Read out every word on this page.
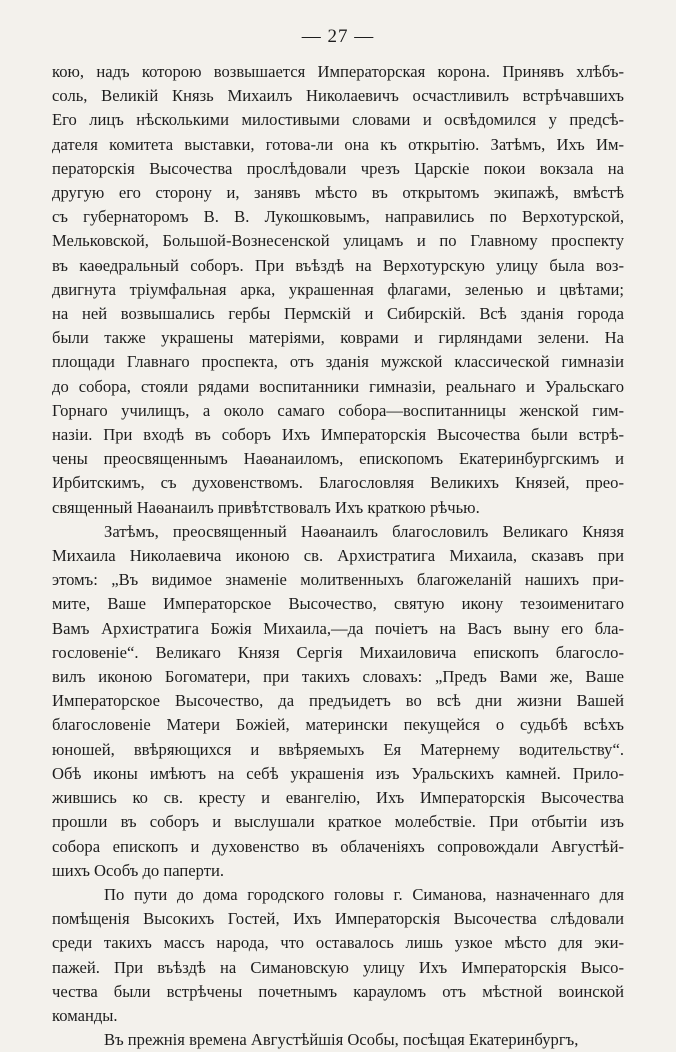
— 27 —

кою, надъ которою возвышается Императорская корона. Принявъ хлѣбъ-
соль, Великій Князь Михаилъ Николаевичъ осчастливилъ встрѣчавшихъ
Его лицъ нѣсколькими милостивыми словами и освѣдомился у предсѣ-
дателя комитета выставки, готова-ли она къ открытію. Затѣмъ, Ихъ Им-
ператорскія Высочества прослѣдовали чрезъ Царскіе покои вокзала на
другую его сторону и, занявъ мѣсто въ открытомъ экипажѣ, вмѣстѣ
съ губернаторомъ В. В. Лукошковымъ, направились по Верхотурской,
Мельковской, Большой-Вознесенской улицамъ и по Главному проспекту
въ каѳедральный соборъ. При въѣздѣ на Верхотурскую улицу была воз-
двигнута тріумфальная арка, украшенная флагами, зеленью и цвѣтами;
на ней возвышались гербы Пермскій и Сибирскій. Всѣ зданія города
были также украшены матеріями, коврами и гирляндами зелени. На
площади Главнаго проспекта, отъ зданія мужской классической гимназіи
до собора, стояли рядами воспитанники гимназіи, реальнаго и Уральскаго
Горнаго училищъ, а около самаго собора—воспитанницы женской гим-
назіи. При входѣ въ соборъ Ихъ Императорскія Высочества были встрѣ-
чены преосвященнымъ Наѳанаиломъ, епископомъ Екатеринбургскимъ и
Ирбитскимъ, съ духовенствомъ. Благословляя Великихъ Князей, прео-
священный Наѳанаилъ привѣтствовалъ Ихъ краткою рѣчью.

Затѣмъ, преосвященный Наѳанаилъ благословилъ Великаго Князя
Михаила Николаевича иконою св. Архистратига Михаила, сказавъ при
этомъ: „Въ видимое знаменіе молитвенныхъ благожеланій нашихъ при-
мите, Ваше Императорское Высочество, святую икону тезоименитаго
Вамъ Архистратига Божія Михаила,—да почіетъ на Васъ выну его бла-
гословеніе“. Великаго Князя Сергія Михаиловича епископъ благосло-
вилъ иконою Богоматери, при такихъ словахъ: „Предъ Вами же, Ваше
Императорское Высочество, да предъидетъ во всѣ дни жизни Вашей
благословеніе Матери Божіей, матерински пекущейся о судьбѣ всѣхъ
юношей, ввѣряющихся и ввѣряемыхъ Ея Матернему водительству“.
Обѣ иконы имѣютъ на себѣ украшенія изъ Уральскихъ камней. Прило-
жившись ко св. кресту и евангелію, Ихъ Императорскія Высочества
прошли въ соборъ и выслушали краткое молебствіе. При отбытіи изъ
собора епископъ и духовенство въ облаченіяхъ сопровождали Августѣй-
шихъ Особъ до паперти.

По пути до дома городского головы г. Симанова, назначеннаго для
помѣщенія Высокихъ Гостей, Ихъ Императорскія Высочества слѣдовали
среди такихъ массъ народа, что оставалось лишь узкое мѣсто для эки-
пажей. При въѣздѣ на Симановскую улицу Ихъ Императорскія Высо-
чества были встрѣчены почетнымъ карауломъ отъ мѣстной воинской
команды.

Въ прежнія времена Августѣйшія Особы, посѣщая Екатеринбургъ,
